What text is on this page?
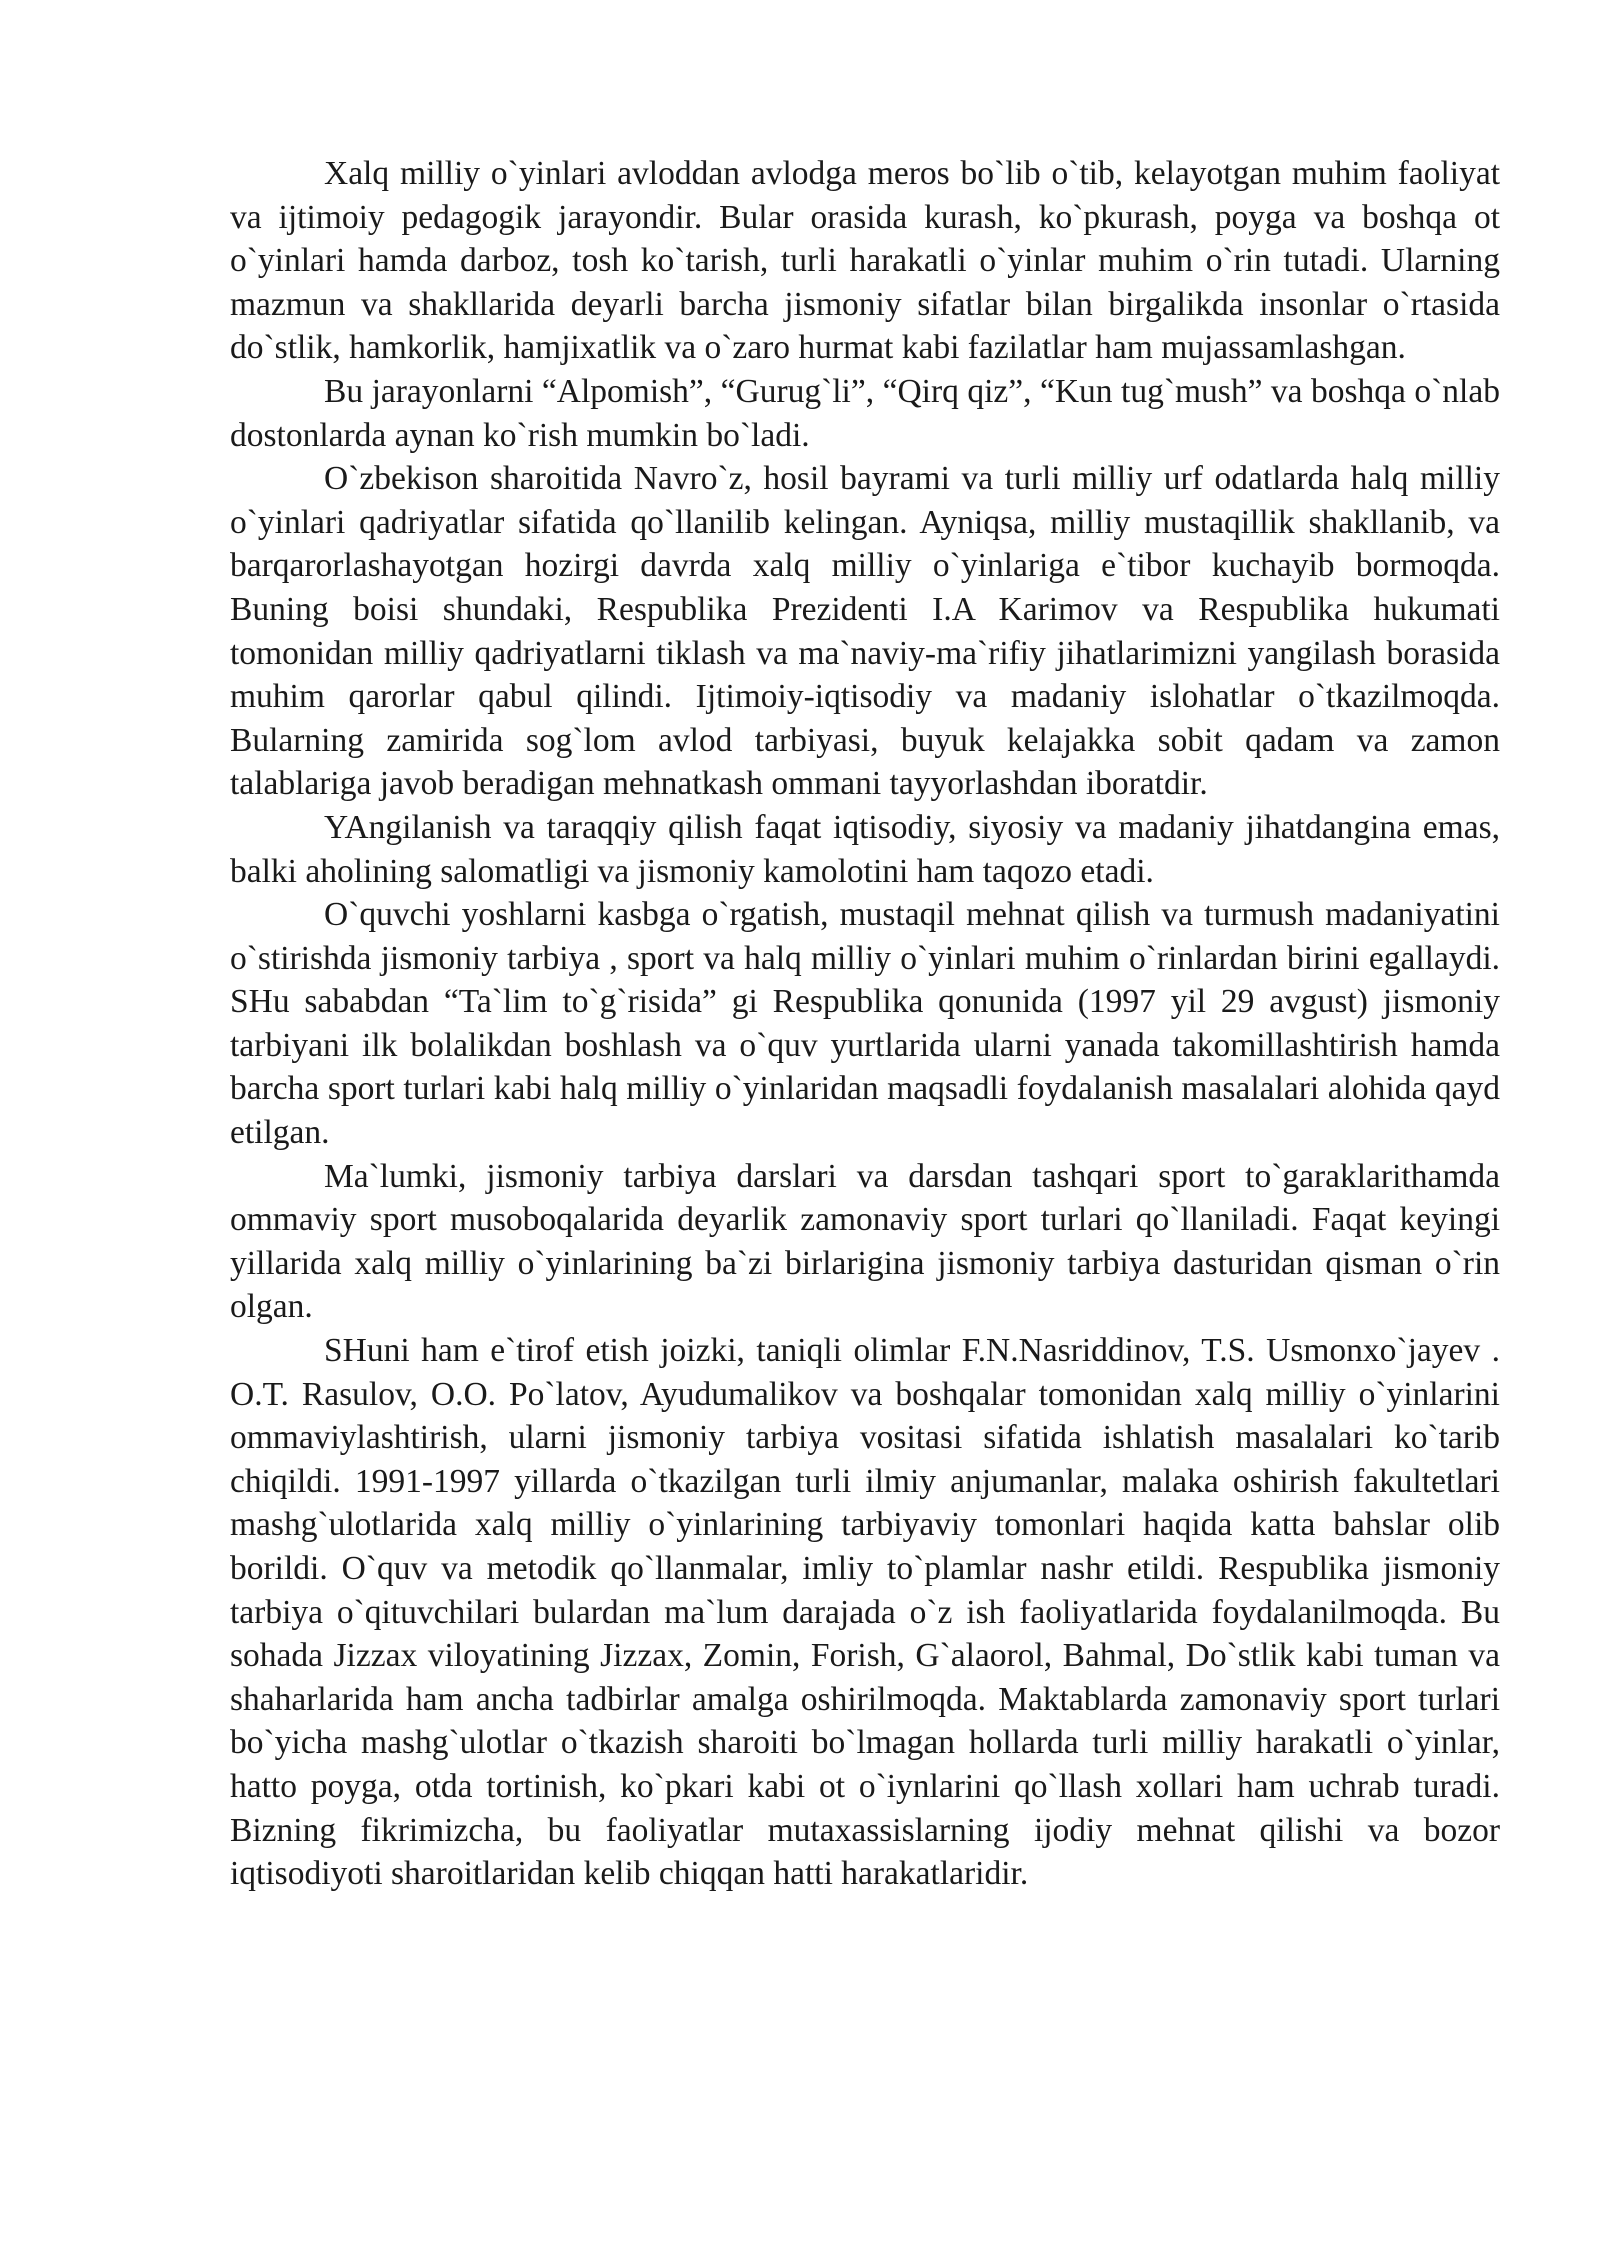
Xalq milliy o`yinlari avloddan avlodga meros bo`lib o`tib, kelayotgan muhim faoliyat va ijtimoiy pedagogik jarayondir. Bular orasida kurash, ko`pkurash, poyga va boshqa ot o`yinlari hamda darboz, tosh ko`tarish, turli harakatli o`yinlar muhim o`rin tutadi. Ularning mazmun va shakllarida deyarli barcha jismoniy sifatlar bilan birgalikda insonlar o`rtasida do`stlik, hamkorlik, hamjixatlik va o`zaro hurmat kabi fazilatlar ham mujassamlashgan.

Bu jarayonlarni “Alpomish”, “Gurug`li”, “Qirq qiz”, “Kun tug`mush” va boshqa o`nlab dostonlarda aynan ko`rish mumkin bo`ladi.

O`zbekison sharoitida Navro`z, hosil bayrami va turli milliy urf odatlarda halq milliy o`yinlari qadriyatlar sifatida qo`llanilib kelingan. Ayniqsa, milliy mustaqillik shakllanib, va barqarorlashayotgan hozirgi davrda xalq milliy o`yinlariga e`tibor kuchayib bormoqda. Buning boisi shundaki, Respublika Prezidenti I.A Karimov va Respublika hukumati tomonidan milliy qadriyatlarni tiklash va ma`naviy-ma`rifiy jihatlarimizni yangilash borasida muhim qarorlar qabul qilindi. Ijtimoiy-iqtisodiy va madaniy islohatlar o`tkazilmoqda. Bularning zamirida sog`lom avlod tarbiyasi, buyuk kelajakka sobit qadam va zamon talablariga javob beradigan mehnatkash ommani tayyorlashdan iboratdir.

YAngilanish va taraqqiy qilish faqat iqtisodiy, siyosiy va madaniy jihatdangina emas, balki aholining salomatligi va jismoniy kamolotini ham taqozo etadi.

O`quvchi yoshlarni kasbga o`rgatish, mustaqil mehnat qilish va turmush madaniyatini o`stirishda jismoniy tarbiya , sport va halq milliy o`yinlari muhim o`rinlardan birini egallaydi. SHu sababdan “Ta`lim to`g`risida” gi Respublika qonunida (1997 yil 29 avgust) jismoniy tarbiyani ilk bolalikdan boshlash va o`quv yurtlarida ularni yanada takomillashtirish hamda barcha sport turlari kabi halq milliy o`yinlaridan maqsadli foydalanish masalalari alohida qayd etilgan.

Ma`lumki, jismoniy tarbiya darslari va darsdan tashqari sport to`garaklarithamda ommaviy sport musoboqalarida deyarlik zamonaviy sport turlari qo`llaniladi. Faqat keyingi yillarida xalq milliy o`yinlarining ba`zi birlarigina jismoniy tarbiya dasturidan qisman o`rin olgan.

SHuni ham e`tirof etish joizki, taniqli olimlar F.N.Nasriddinov, T.S. Usmonxo`jayev . O.T. Rasulov, O.O. Po`latov, Ayudumalikov va boshqalar tomonidan xalq milliy o`yinlarini ommaviylashtirish, ularni jismoniy tarbiya vositasi sifatida ishlatish masalalari ko`tarib chiqildi. 1991-1997 yillarda o`tkazilgan turli ilmiy anjumanlar, malaka oshirish fakultetlari mashg`ulotlarida xalq milliy o`yinlarining tarbiyaviy tomonlari haqida katta bahslar olib borildi. O`quv va metodik qo`llanmalar, imliy to`plamlar nashr etildi. Respublika jismoniy tarbiya o`qituvchilari bulardan ma`lum darajada o`z ish faoliyatlarida foydalanilmoqda. Bu sohada Jizzax viloyatining Jizzax, Zomin, Forish, G`alaorol, Bahmal, Do`stlik kabi tuman va shaharlarida ham ancha tadbirlar amalga oshirilmoqda. Maktablarda zamonaviy sport turlari bo`yicha mashg`ulotlar o`tkazish sharoiti bo`lmagan hollarda turli milliy harakatli o`yinlar, hatto poyga, otda tortinish, ko`pkari kabi ot o`iynlarini qo`llash xollari ham uchrab turadi. Bizning fikrimizcha, bu faoliyatlar mutaxassislarning ijodiy mehnat qilishi va bozor iqtisodiyoti sharoitlaridan kelib chiqqan hatti harakatlaridir.
